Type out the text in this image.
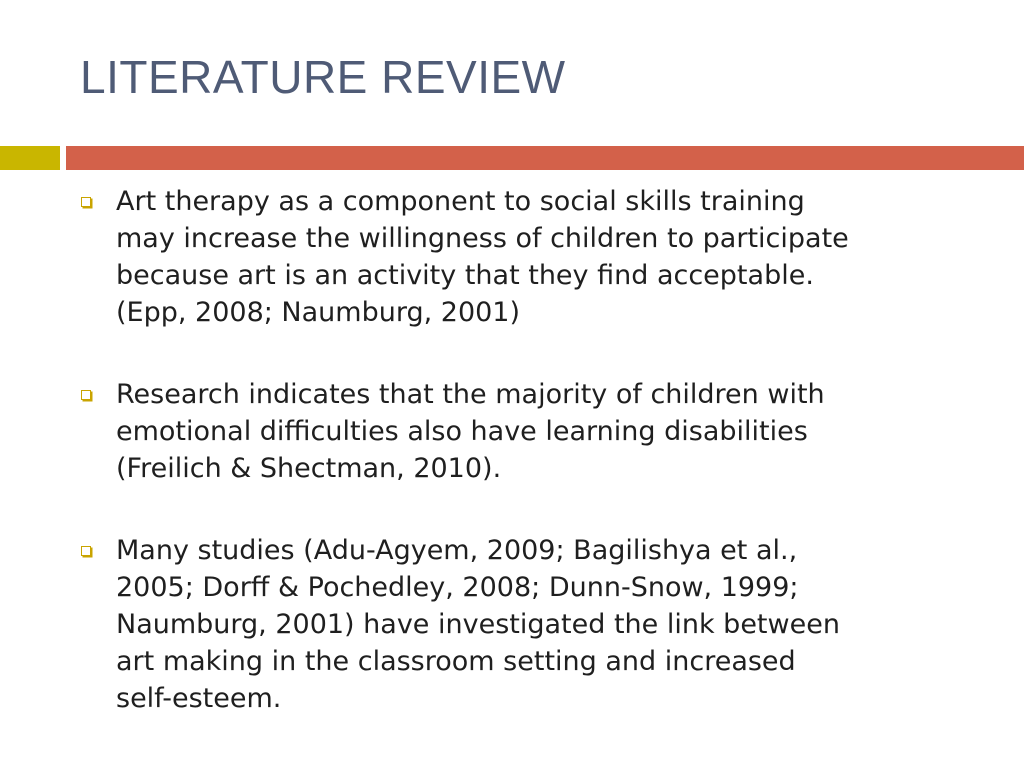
LITERATURE REVIEW
Art therapy as a component to social skills training
may increase the willingness of children to participate
because art is an activity that they find acceptable.
(Epp, 2008; Naumburg, 2001)
Research indicates that the majority of children with
emotional difficulties also have learning disabilities
(Freilich & Shectman, 2010).
Many studies (Adu-Agyem, 2009; Bagilishya et al.,
2005; Dorff & Pochedley, 2008; Dunn-Snow, 1999;
Naumburg, 2001) have investigated the link between
art making in the classroom setting and increased
self-esteem.
